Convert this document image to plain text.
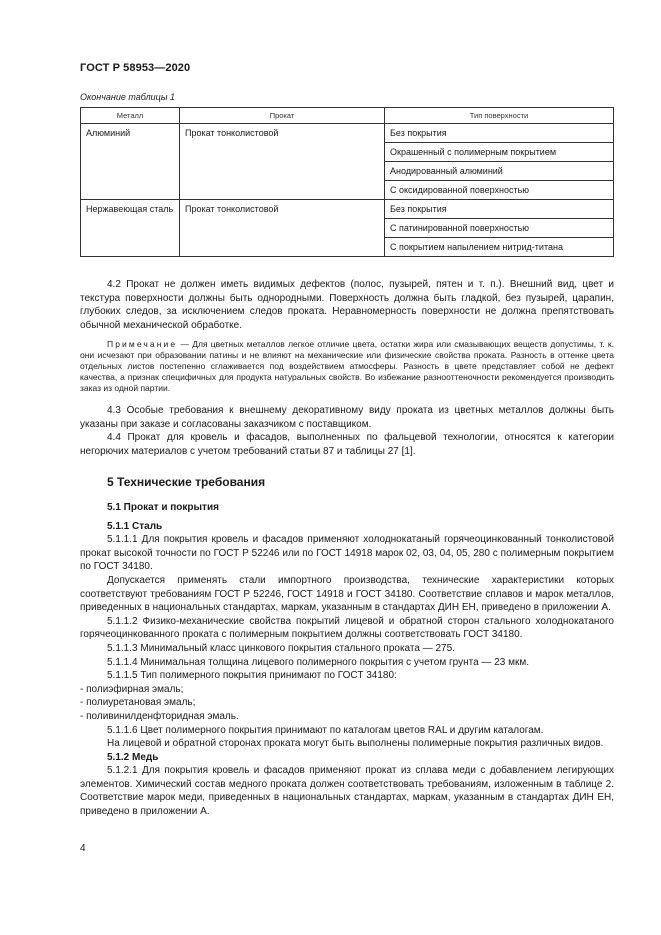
ГОСТ Р 58953—2020
Окончание таблицы 1
Металл	Прокат	Тип поверхности
Алюминий	Прокат тонколистовой	Без покрытия
		Окрашенный с полимерным покрытием
		Анодированный алюминий
		С оксидированной поверхностью
Нержавеющая сталь	Прокат тонколистовой	Без покрытия
		С патинированной поверхностью
		С покрытием напылением нитрид-титана

4.2 Прокат не должен иметь видимых дефектов (полос, пузырей, пятен и т. п.). Внешний вид, цвет и текстура поверхности должны быть однородными. Поверхность должна быть гладкой, без пузырей, царапин, глубоких следов, за исключением следов проката. Неравномерность поверхности не должна препятствовать обычной механической обработке.

Примечание — Для цветных металлов легкое отличие цвета, остатки жира или смазывающих веществ допустимы, т. к. они исчезают при образовании патины и не влияют на механические или физические свойства проката. Разность в оттенке цвета отдельных листов постепенно сглаживается под воздействием атмосферы. Разность в цвете представляет собой не дефект качества, а признак специфичных для продукта натуральных свойств. Во избежание разнооттеночности рекомендуется производить заказ из одной партии.

4.3 Особые требования к внешнему декоративному виду проката из цветных металлов должны быть указаны при заказе и согласованы заказчиком с поставщиком.

4.4 Прокат для кровель и фасадов, выполненных по фальцевой технологии, относятся к категории негорючих материалов с учетом требований статьи 87 и таблицы 27 [1].

5 Технические требования

5.1 Прокат и покрытия

5.1.1 Сталь

5.1.1.1 Для покрытия кровель и фасадов применяют холоднокатаный горячеоцинкованный тонколистовой прокат высокой точности по ГОСТ Р 52246 или по ГОСТ 14918 марок 02, 03, 04, 05, 280 с полимерным покрытием по ГОСТ 34180.

Допускается применять стали импортного производства, технические характеристики которых соответствуют требованиям ГОСТ Р 52246, ГОСТ 14918 и ГОСТ 34180. Соответствие сплавов и марок металлов, приведенных в национальных стандартах, маркам, указанным в стандартах ДИН ЕН, приведено в приложении А.

5.1.1.2 Физико-механические свойства покрытий лицевой и обратной сторон стального холоднокатаного горячеоцинкованного проката с полимерным покрытием должны соответствовать ГОСТ 34180.

5.1.1.3 Минимальный класс цинкового покрытия стального проката — 275.

5.1.1.4 Минимальная толщина лицевого полимерного покрытия с учетом грунта — 23 мкм.

5.1.1.5 Тип полимерного покрытия принимают по ГОСТ 34180:

- полиэфирная эмаль;

- полиуретановая эмаль;

- поливинилденфторидная эмаль.

5.1.1.6 Цвет полимерного покрытия принимают по каталогам цветов RAL и другим каталогам.

На лицевой и обратной сторонах проката могут быть выполнены полимерные покрытия различных видов.

5.1.2 Медь

5.1.2.1 Для покрытия кровель и фасадов применяют прокат из сплава меди с добавлением легирующих элементов. Химический состав медного проката должен соответствовать требованиям, изложенным в таблице 2. Соответствие марок меди, приведенных в национальных стандартах, маркам, указанным в стандартах ДИН ЕН, приведено в приложении А.

4
